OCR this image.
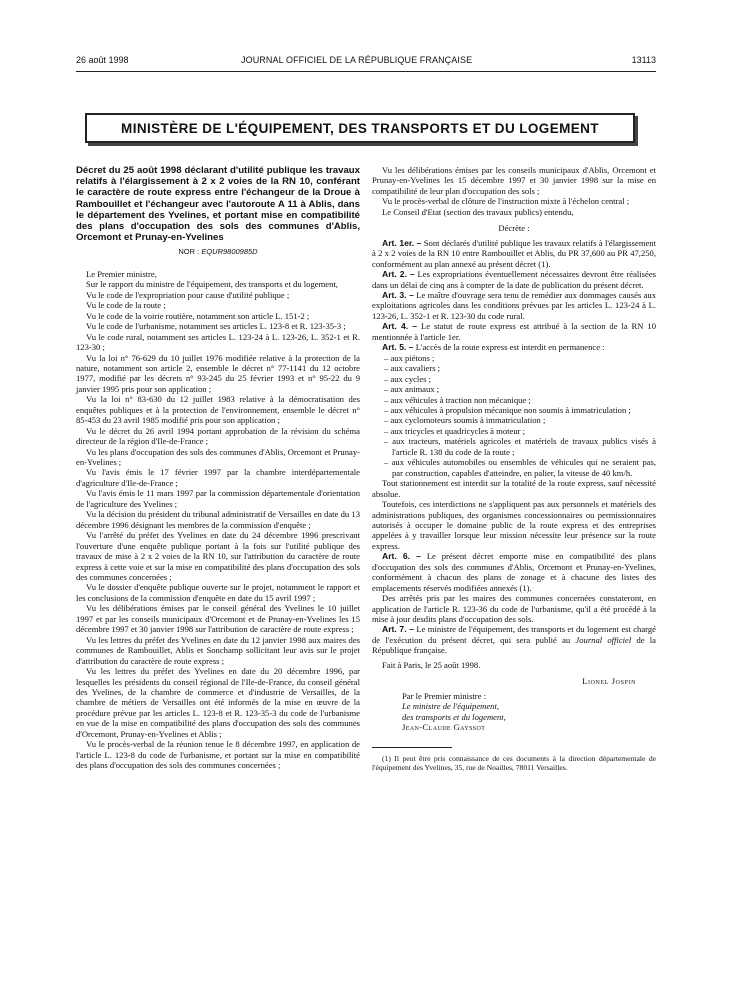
26 août 1998	JOURNAL OFFICIEL DE LA RÉPUBLIQUE FRANÇAISE	13113
MINISTÈRE DE L'ÉQUIPEMENT, DES TRANSPORTS ET DU LOGEMENT

Décret du 25 août 1998 déclarant d'utilité publique les travaux relatifs à l'élargissement à 2 x 2 voies de la RN 10, conférant le caractère de route express entre l'échangeur de la Droue à Rambouillet et l'échangeur avec l'autoroute A 11 à Ablis, dans le département des Yvelines, et portant mise en compatibilité des plans d'occupation des sols des communes d'Ablis, Orcemont et Prunay-en-Yvelines

NOR : EQUR9800985D

Le Premier ministre,

Sur le rapport du ministre de l'équipement, des transports et du logement,

Vu le code de l'expropriation pour cause d'utilité publique ;

Vu le code de la route ;

Vu le code de la voirie routière, notamment son article L. 151-2 ;

Vu le code de l'urbanisme, notamment ses articles L. 123-8 et R. 123-35-3 ;

Vu le code rural, notamment ses articles L. 123-24 à L. 123-26, L. 352-1 et R. 123-30 ;

Vu la loi n° 76-629 du 10 juillet 1976 modifiée relative à la protection de la nature, notamment son article 2, ensemble le décret n° 77-1141 du 12 octobre 1977, modifié par les décrets n° 93-245 du 25 février 1993 et n° 95-22 du 9 janvier 1995 pris pour son application ;

Vu la loi n° 83-630 du 12 juillet 1983 relative à la démocratisation des enquêtes publiques et à la protection de l'environnement, ensemble le décret n° 85-453 du 23 avril 1985 modifié pris pour son application ;

Vu le décret du 26 avril 1994 portant approbation de la révision du schéma directeur de la région d'Ile-de-France ;

Vu les plans d'occupation des sols des communes d'Ablis, Orcemont et Prunay-en-Yvelines ;

Vu l'avis émis le 17 février 1997 par la chambre interdépartementale d'agriculture d'Ile-de-France ;

Vu l'avis émis le 11 mars 1997 par la commission départementale d'orientation de l'agriculture des Yvelines ;

Vu la décision du président du tribunal administratif de Versailles en date du 13 décembre 1996 désignant les membres de la commission d'enquête ;

Vu l'arrêté du préfet des Yvelines en date du 24 décembre 1996 prescrivant l'ouverture d'une enquête publique portant à la fois sur l'utilité publique des travaux de mise à 2 x 2 voies de la RN 10, sur l'attribution du caractère de route express à cette voie et sur la mise en compatibilité des plans d'occupation des sols des communes concernées ;

Vu le dossier d'enquête publique ouverte sur le projet, notamment le rapport et les conclusions de la commission d'enquête en date du 15 avril 1997 ;

Vu les délibérations émises par le conseil général des Yvelines le 10 juillet 1997 et par les conseils municipaux d'Orcemont et de Prunay-en-Yvelines les 15 décembre 1997 et 30 janvier 1998 sur l'attribution de caractère de route express ;

Vu les lettres du préfet des Yvelines en date du 12 janvier 1998 aux maires des communes de Rambouillet, Ablis et Sonchamp sollicitant leur avis sur le projet d'attribution du caractère de route express ;

Vu les lettres du préfet des Yvelines en date du 20 décembre 1996, par lesquelles les présidents du conseil régional de l'Ile-de-France, du conseil général des Yvelines, de la chambre de commerce et d'industrie de Versailles, de la chambre de métiers de Versailles ont été informés de la mise en œuvre de la procédure prévue par les articles L. 123-8 et R. 123-35-3 du code de l'urbanisme en vue de la mise en compatibilité des plans d'occupation des sols des communes d'Orcemont, Prunay-en-Yvelines et Ablis ;

Vu le procès-verbal de la réunion tenue le 8 décembre 1997, en application de l'article L. 123-8 du code de l'urbanisme, et portant sur la mise en compatibilité des plans d'occupation des sols des communes concernées ;

Vu les délibérations émises par les conseils municipaux d'Ablis, Orcemont et Prunay-en-Yvelines les 15 décembre 1997 et 30 janvier 1998 sur la mise en compatibilité de leur plan d'occupation des sols ;

Vu le procès-verbal de clôture de l'instruction mixte à l'échelon central ;

Le Conseil d'Etat (section des travaux publics) entendu,

Décrète :

Art. 1er. – Sont déclarés d'utilité publique les travaux relatifs à l'élargissement à 2 x 2 voies de la RN 10 entre Rambouillet et Ablis, du PR 37,600 au PR 47,250, conformément au plan annexé au présent décret (1).

Art. 2. – Les expropriations éventuellement nécessaires devront être réalisées dans un délai de cinq ans à compter de la date de publication du présent décret.

Art. 3. – Le maître d'ouvrage sera tenu de remédier aux dommages causés aux exploitations agricoles dans les conditions prévues par les articles L. 123-24 à L. 123-26, L. 352-1 et R. 123-30 du code rural.

Art. 4. – Le statut de route express est attribué à la section de la RN 10 mentionnée à l'article 1er.

Art. 5. – L'accès de la route express est interdit en permanence :

– aux piétons ;
– aux cavaliers ;
– aux cycles ;
– aux animaux ;
– aux véhicules à traction non mécanique ;
– aux véhicules à propulsion mécanique non soumis à immatriculation ;
– aux cyclomoteurs soumis à immatriculation ;
– aux tricycles et quadricycles à moteur ;
– aux tracteurs, matériels agricoles et matériels de travaux publics visés à l'article R. 138 du code de la route ;
– aux véhicules automobiles ou ensembles de véhicules qui ne seraient pas, par construction, capables d'atteindre, en palier, la vitesse de 40 km/h.

Tout stationnement est interdit sur la totalité de la route express, sauf nécessité absolue.

Toutefois, ces interdictions ne s'appliquent pas aux personnels et matériels des administrations publiques, des organismes concessionnaires ou permissionnaires autorisés à occuper le domaine public de la route express et des entreprises appelées à y travailler lorsque leur mission nécessite leur présence sur la route express.

Art. 6. – Le présent décret emporte mise en compatibilité des plans d'occupation des sols des communes d'Ablis, Orcemont et Prunay-en-Yvelines, conformément à chacun des plans de zonage et à chacune des listes des emplacements réservés modifiées annexés (1).

Des arrêtés pris par les maires des communes concernées constateront, en application de l'article R. 123-36 du code de l'urbanisme, qu'il a été procédé à la mise à jour desdits plans d'occupation des sols.

Art. 7. – Le ministre de l'équipement, des transports et du logement est chargé de l'exécution du présent décret, qui sera publié au Journal officiel de la République française.

Fait à Paris, le 25 août 1998.

Lionel Jospin

Par le Premier ministre :

Le ministre de l'équipement,

des transports et du logement,

Jean-Claude Gayssot

(1) Il peut être pris connaissance de ces documents à la direction départementale de l'équipement des Yvelines, 35, rue de Noailles, 78011 Versailles.
